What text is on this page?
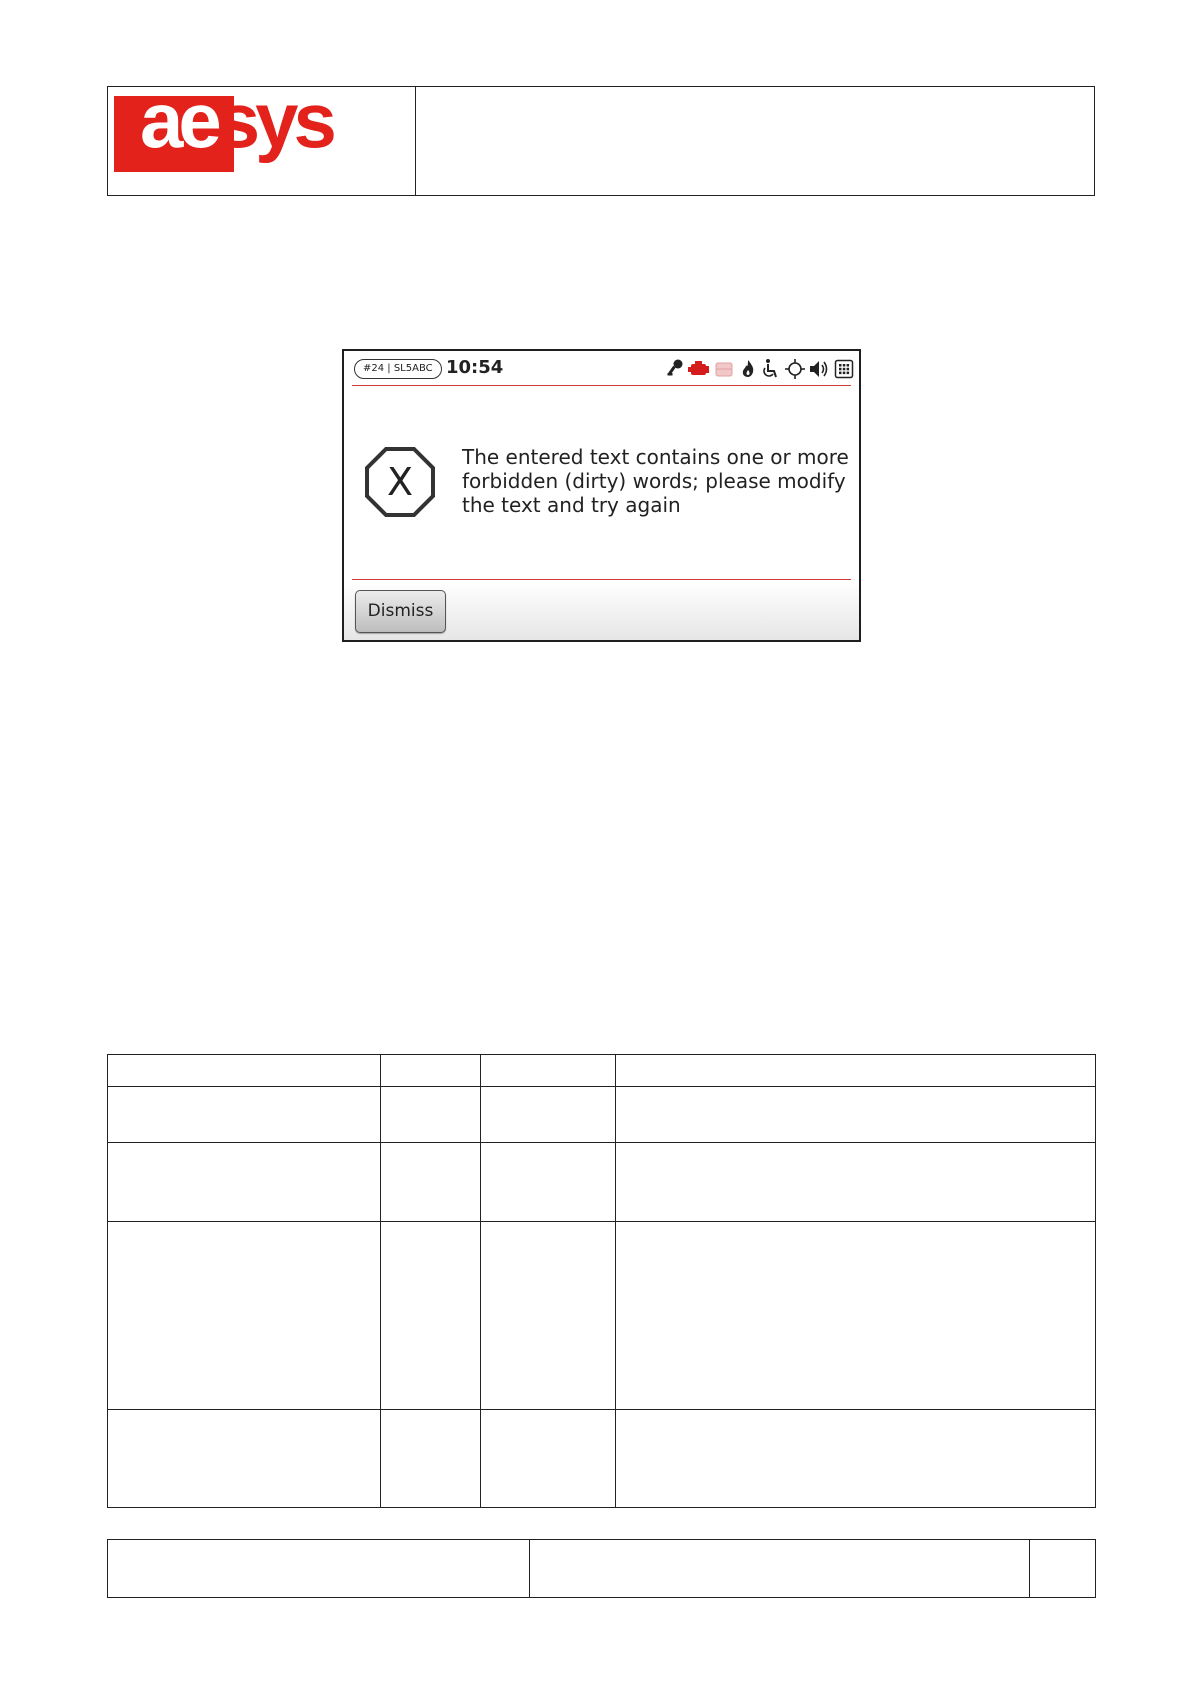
aesys
#24 | SL5ABC 10:54
X
The entered text contains one or more forbidden (dirty) words; please modify the text and try again
Dismiss
